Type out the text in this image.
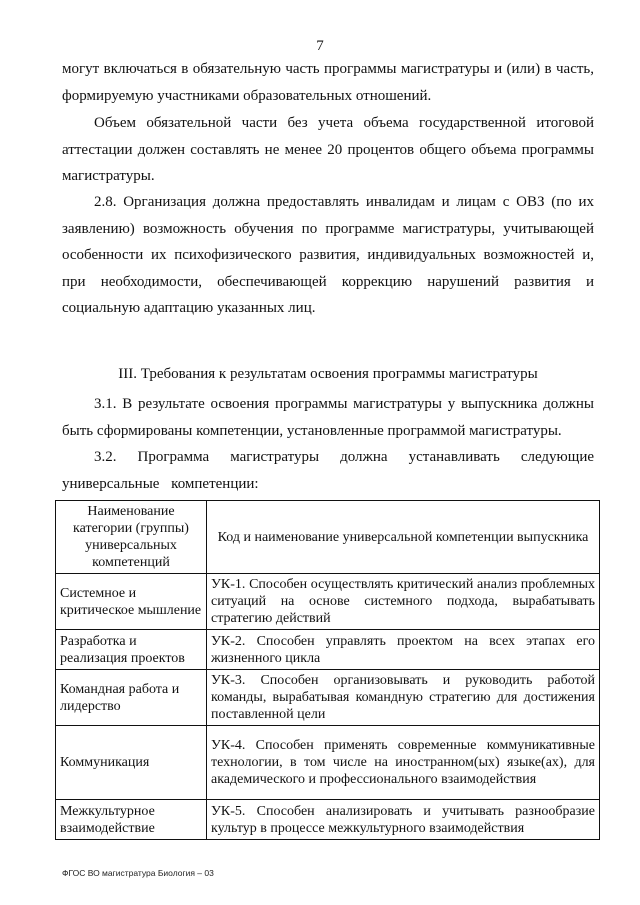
7

могут включаться в обязательную часть программы магистратуры и (или) в часть, формируемую участниками образовательных отношений.

Объем обязательной части без учета объема государственной итоговой аттестации должен составлять не менее 20 процентов общего объема программы магистратуры.

2.8. Организация должна предоставлять инвалидам и лицам с ОВЗ (по их заявлению) возможность обучения по программе магистратуры, учитывающей особенности их психофизического развития, индивидуальных возможностей и, при необходимости, обеспечивающей коррекцию нарушений развития и социальную адаптацию указанных лиц.

III. Требования к результатам освоения программы магистратуры

3.1. В результате освоения программы магистратуры у выпускника должны быть сформированы компетенции, установленные программой магистратуры.

3.2. Программа магистратуры должна устанавливать следующие универсальные компетенции:

Наименование категории (группы) универсальных компетенций	Код и наименование универсальной компетенции выпускника
Системное и критическое мышление	УК-1. Способен осуществлять критический анализ проблемных ситуаций на основе системного подхода, вырабатывать стратегию действий
Разработка и реализация проектов	УК-2. Способен управлять проектом на всех этапах его жизненного цикла
Командная работа и лидерство	УК-3. Способен организовывать и руководить работой команды, вырабатывая командную стратегию для достижения поставленной цели
Коммуникация	УК-4. Способен применять современные коммуникативные технологии, в том числе на иностранном(ых) языке(ах), для академического и профессионального взаимодействия
Межкультурное взаимодействие	УК-5. Способен анализировать и учитывать разнообразие культур в процессе межкультурного взаимодействия
ФГОС ВО магистратура Биология – 03
